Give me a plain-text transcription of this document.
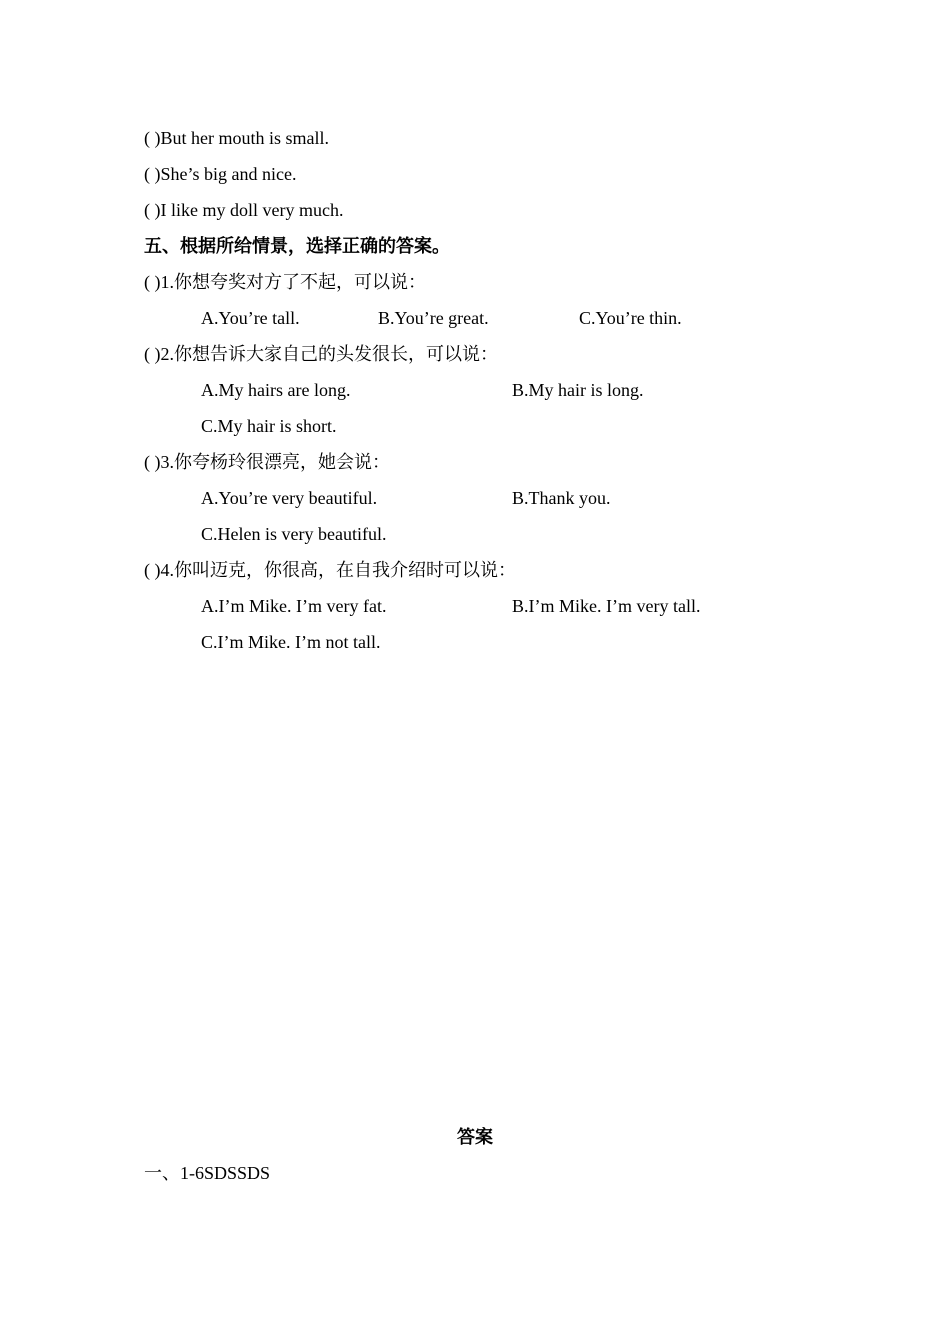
( )But her mouth is small.
( )She’s big and nice.
( )I like my doll very much.
五、根据所给情景，选择正确的答案。
( )1.你想夸奖对方了不起，可以说：
A.You’re tall.	B.You’re great.	C.You’re thin.
( )2.你想告诉大家自己的头发很长，可以说：
A.My hairs are long.	B.My hair is long.
C.My hair is short.
( )3.你夸杨玲很漂亮，她会说：
A.You’re very beautiful.	B.Thank you.
C.Helen is very beautiful.
( )4.你叫迈克，你很高，在自我介绍时可以说：
A.I’m Mike. I’m very fat.	B.I’m Mike. I’m very tall.
C.I’m Mike. I’m not tall.
答案
一、1-6SDSSDS
